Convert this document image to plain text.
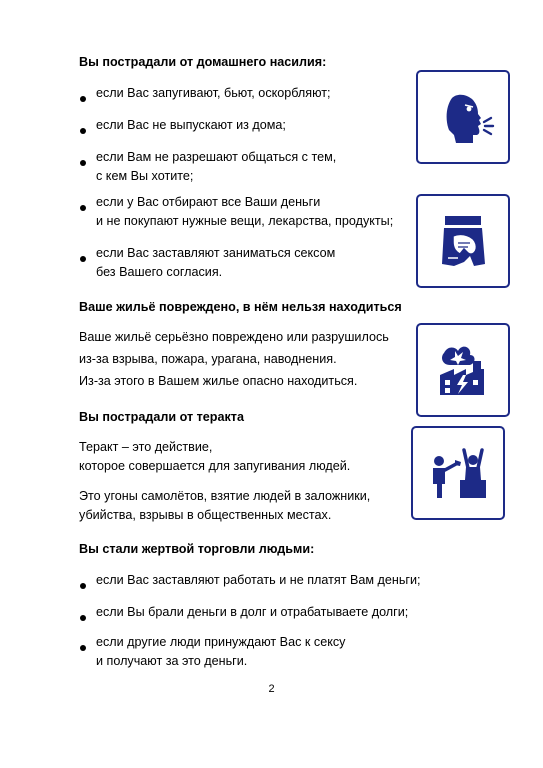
Вы пострадали от домашнего насилия:
если Вас запугивают, бьют, оскорбляют;
если Вас не выпускают из дома;
если Вам не разрешают общаться с тем,
с кем Вы хотите;
если у Вас отбирают все Ваши деньги
и не покупают нужные вещи, лекарства, продукты;
если Вас заставляют заниматься сексом
без Вашего согласия.
Ваше жильё повреждено, в нём нельзя находиться
Ваше жильё серьёзно повреждено или разрушилось
из-за взрыва, пожара, урагана, наводнения.
Из-за этого в Вашем жилье опасно находиться.
Вы пострадали от теракта
Теракт – это действие,
которое совершается для запугивания людей.
Это угоны самолётов, взятие людей в заложники,
убийства, взрывы в общественных местах.
Вы стали жертвой торговли людьми:
если Вас заставляют работать и не платят Вам деньги;
если Вы брали деньги в долг и отрабатываете долги;
если другие люди принуждают Вас к сексу
и получают за это деньги.
2
